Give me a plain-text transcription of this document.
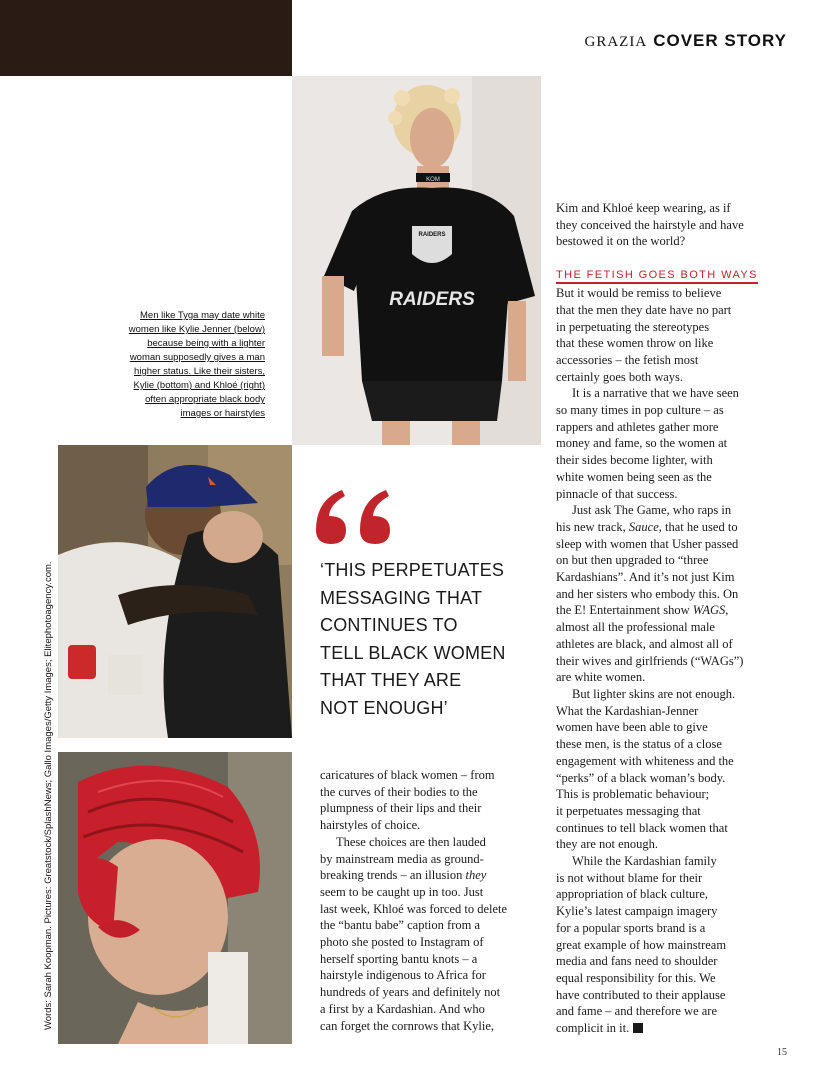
GRAZIA COVER STORY
KOM
RAIDERS
RAIDERS
Men like Tyga may date white
women like Kylie Jenner (below)
because being with a lighter
woman supposedly gives a man
higher status. Like their sisters,
Kylie (bottom) and Khloé (right)
often appropriate black body
images or hairstyles
Words: Sarah Koopman. Pictures: Greatstock/SplashNews; Gallo Images/Getty Images; Elitephotoagency.com.	‘THIS PERPETUATES
MESSAGING THAT
CONTINUES TO
TELL BLACK WOMEN
THAT THEY ARE
NOT ENOUGH’
caricatures of black women – from
the curves of their bodies to the
plumpness of their lips and their
hairstyles of choice.
These choices are then lauded
by mainstream media as ground-
breaking trends – an illusion they
seem to be caught up in too. Just
last week, Khloé was forced to delete
the “bantu babe” caption from a
photo she posted to Instagram of
herself sporting bantu knots – a
hairstyle indigenous to Africa for
hundreds of years and definitely not
a first by a Kardashian. And who
can forget the cornrows that Kylie,
Kim and Khloé keep wearing, as if
they conceived the hairstyle and have
bestowed it on the world?
THE FETISH GOES BOTH WAYS
But it would be remiss to believe
that the men they date have no part
in perpetuating the stereotypes
that these women throw on like
accessories – the fetish most
certainly goes both ways.
It is a narrative that we have seen
so many times in pop culture – as
rappers and athletes gather more
money and fame, so the women at
their sides become lighter, with
white women being seen as the
pinnacle of that success.
Just ask The Game, who raps in
his new track, Sauce, that he used to
sleep with women that Usher passed
on but then upgraded to “three
Kardashians”. And it’s not just Kim
and her sisters who embody this. On
the E! Entertainment show WAGS,
almost all the professional male
athletes are black, and almost all of
their wives and girlfriends (“WAGs”)
are white women.
But lighter skins are not enough.
What the Kardashian-Jenner
women have been able to give
these men, is the status of a close
engagement with whiteness and the
“perks” of a black woman’s body.
This is problematic behaviour;
it perpetuates messaging that
continues to tell black women that
they are not enough.
While the Kardashian family
is not without blame for their
appropriation of black culture,
Kylie’s latest campaign imagery
for a popular sports brand is a
great example of how mainstream
media and fans need to shoulder
equal responsibility for this. We
have contributed to their applause
and fame – and therefore we are
complicit in it.
15
